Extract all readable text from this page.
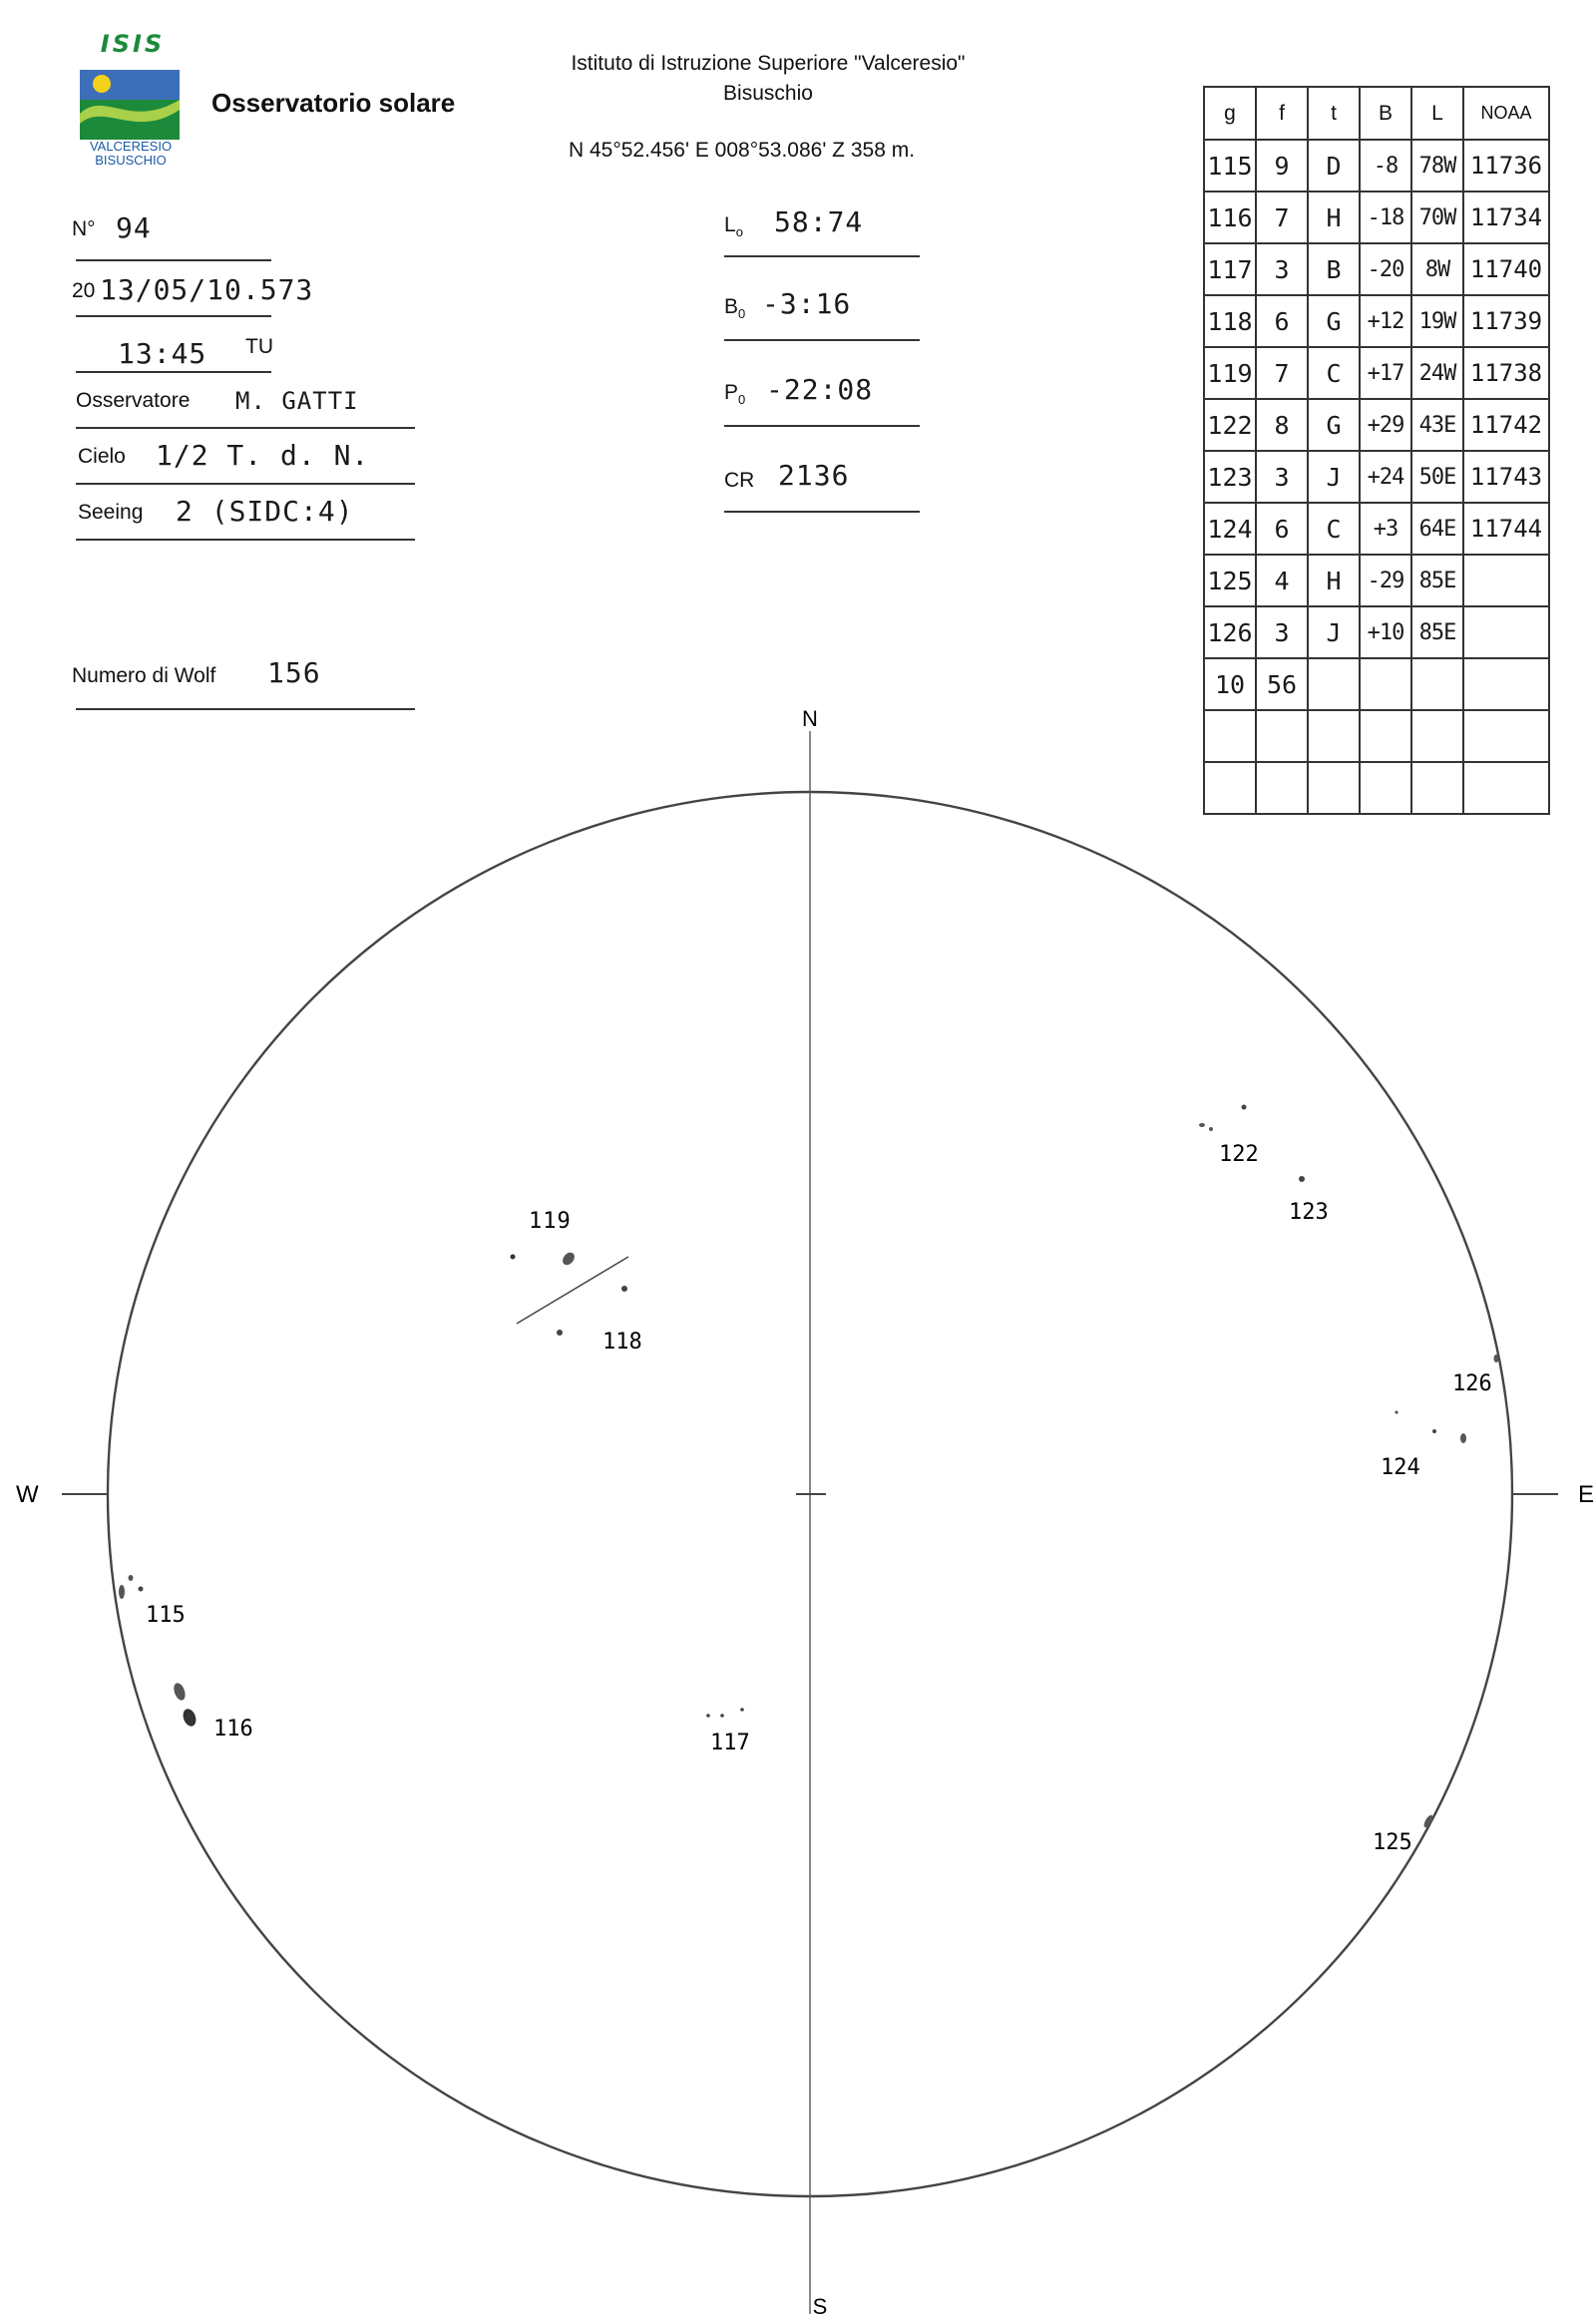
ISIS
VALCERESIO
BISUSCHIO
Osservatorio solare
Istituto di Istruzione Superiore "Valceresio"
Bisuschio
N 45°52.456' E 008°53.086' Z 358 m.
N° 94
20 13/05/10.573
13:45 TU
Osservatore M. GATTI
Cielo 1/2 T. d. N.
Seeing 2 (SIDC:4)
Numero di Wolf 156
$L_o$ 58:74
$B_0$ -3:16
$P_0$ -22:08
CR 2136
g	f	t	B	L	NOAA
115	9	D	-8	78W	11736
116	7	H	-18	70W	11734
117	3	B	-20	8W	11740
118	6	G	+12	19W	11739
119	7	C	+17	24W	11738
122	8	G	+29	43E	11742
123	3	J	+24	50E	11743
124	6	C	+3	64E	11744
125	4	H	-29	85E	
126	3	J	+10	85E	
10	56				

N
S
W	E
119
118
122
123
126
124
115
116
117
125
